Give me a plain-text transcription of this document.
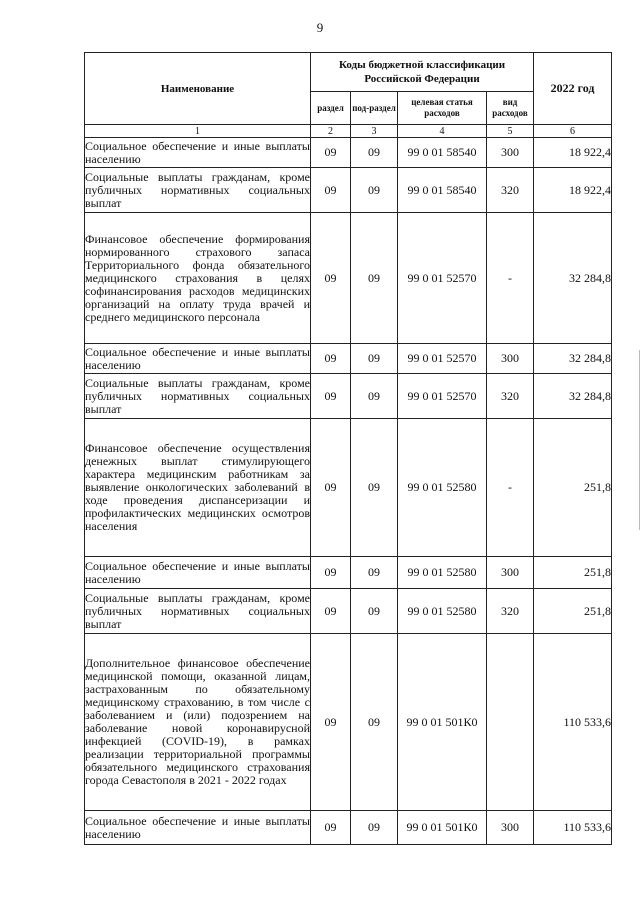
9
Наименование	Коды бюджетной классификации Российской Федерации				2022 год
	раздел	под-раздел	целевая статья расходов	вид расходов	
1	2	3	4	5	6
Социальное обеспечение и иные выплаты населению	09	09	99 0 01 58540	300	18 922,4
Социальные выплаты гражданам, кроме публичных нормативных социальных выплат	09	09	99 0 01 58540	320	18 922,4
Финансовое обеспечение формирования нормированного страхового запаса Территориального фонда обязательного медицинского страхования в целях софинансирования расходов медицинских организаций на оплату труда врачей и среднего медицинского персонала	09	09	99 0 01 52570	-	32 284,8
Социальное обеспечение и иные выплаты населению	09	09	99 0 01 52570	300	32 284,8
Социальные выплаты гражданам, кроме публичных нормативных социальных выплат	09	09	99 0 01 52570	320	32 284,8
Финансовое обеспечение осуществления денежных выплат стимулирующего характера медицинским работникам за выявление онкологических заболеваний в ходе проведения диспансеризации и профилактических медицинских осмотров населения	09	09	99 0 01 52580	-	251,8
Социальное обеспечение и иные выплаты населению	09	09	99 0 01 52580	300	251,8
Социальные выплаты гражданам, кроме публичных нормативных социальных выплат	09	09	99 0 01 52580	320	251,8
Дополнительное финансовое обеспечение медицинской помощи, оказанной лицам, застрахованным по обязательному медицинскому страхованию, в том числе с заболеванием и (или) подозрением на заболевание новой коронавирусной инфекцией (COVID-19), в рамках реализации территориальной программы обязательного медицинского страхования города Севастополя в 2021 - 2022 годах	09	09	99 0 01 501К0		110 533,6
Социальное обеспечение и иные выплаты населению	09	09	99 0 01 501К0	300	110 533,6
